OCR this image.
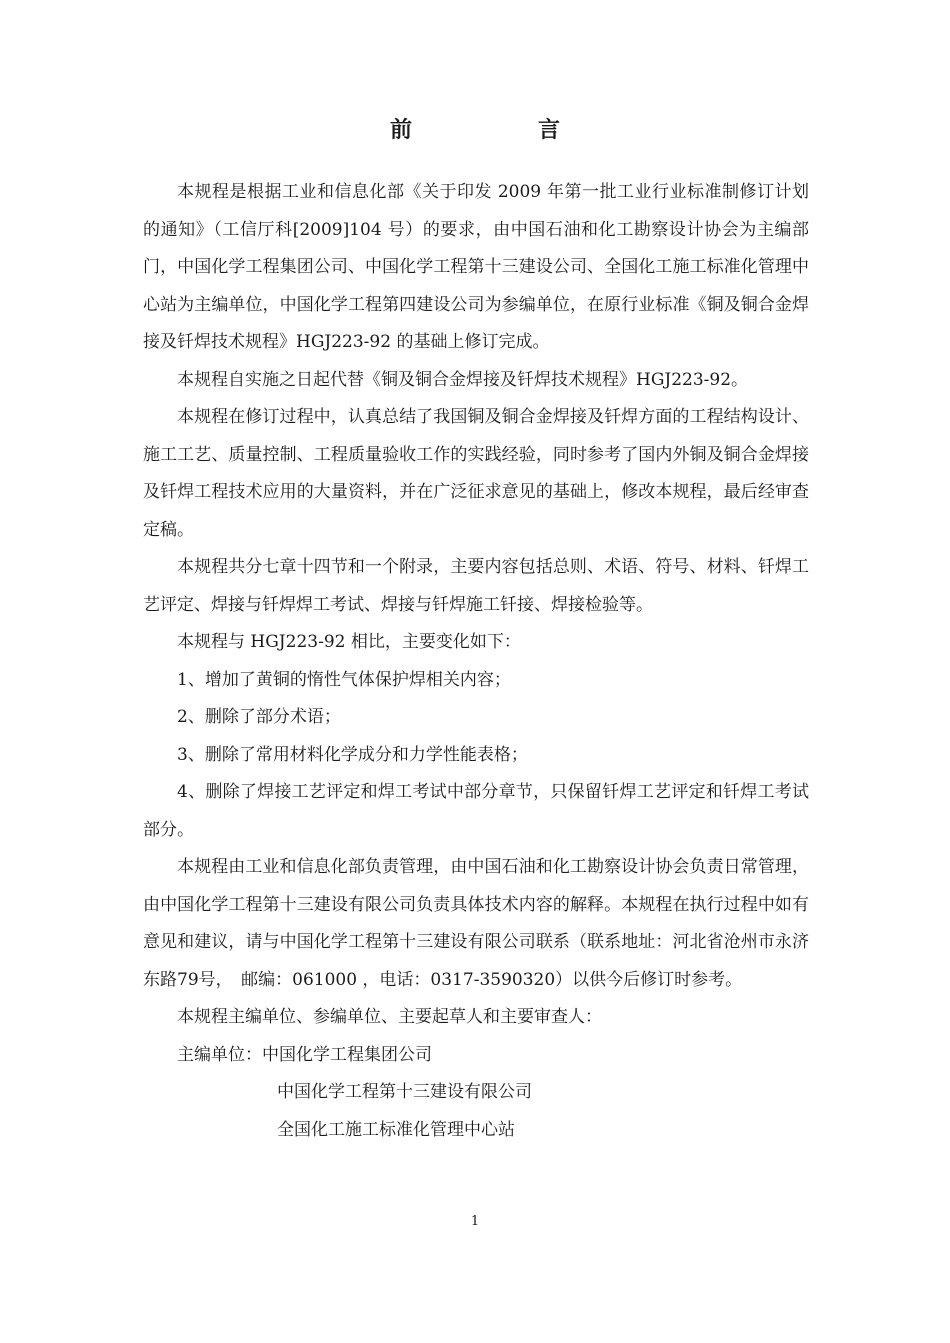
前　言

本规程是根据工业和信息化部《关于印发 2009 年第一批工业行业标准制修订计划的通知》（工信厅科[2009]104 号）的要求，由中国石油和化工勘察设计协会为主编部门，中国化学工程集团公司、中国化学工程第十三建设公司、全国化工施工标准化管理中心站为主编单位，中国化学工程第四建设公司为参编单位，在原行业标准《铜及铜合金焊接及钎焊技术规程》HGJ223-92 的基础上修订完成。

本规程自实施之日起代替《铜及铜合金焊接及钎焊技术规程》HGJ223-92。

本规程在修订过程中，认真总结了我国铜及铜合金焊接及钎焊方面的工程结构设计、施工工艺、质量控制、工程质量验收工作的实践经验，同时参考了国内外铜及铜合金焊接及钎焊工程技术应用的大量资料，并在广泛征求意见的基础上，修改本规程，最后经审查定稿。

本规程共分七章十四节和一个附录，主要内容包括总则、术语、符号、材料、钎焊工艺评定、焊接与钎焊焊工考试、焊接与钎焊施工钎接、焊接检验等。

本规程与 HGJ223-92 相比，主要变化如下：

1、增加了黄铜的惰性气体保护焊相关内容；

2、删除了部分术语；

3、删除了常用材料化学成分和力学性能表格；

4、删除了焊接工艺评定和焊工考试中部分章节，只保留钎焊工艺评定和钎焊工考试部分。

本规程由工业和信息化部负责管理，由中国石油和化工勘察设计协会负责日常管理，由中国化学工程第十三建设有限公司负责具体技术内容的解释。本规程在执行过程中如有意见和建议，请与中国化学工程第十三建设有限公司联系（联系地址：河北省沧州市永济东路79号，　邮编：061000 ，电话：0317-3590320）以供今后修订时参考。

本规程主编单位、参编单位、主要起草人和主要审查人：

主编单位：中国化学工程集团公司

中国化学工程第十三建设有限公司

全国化工施工标准化管理中心站

1
